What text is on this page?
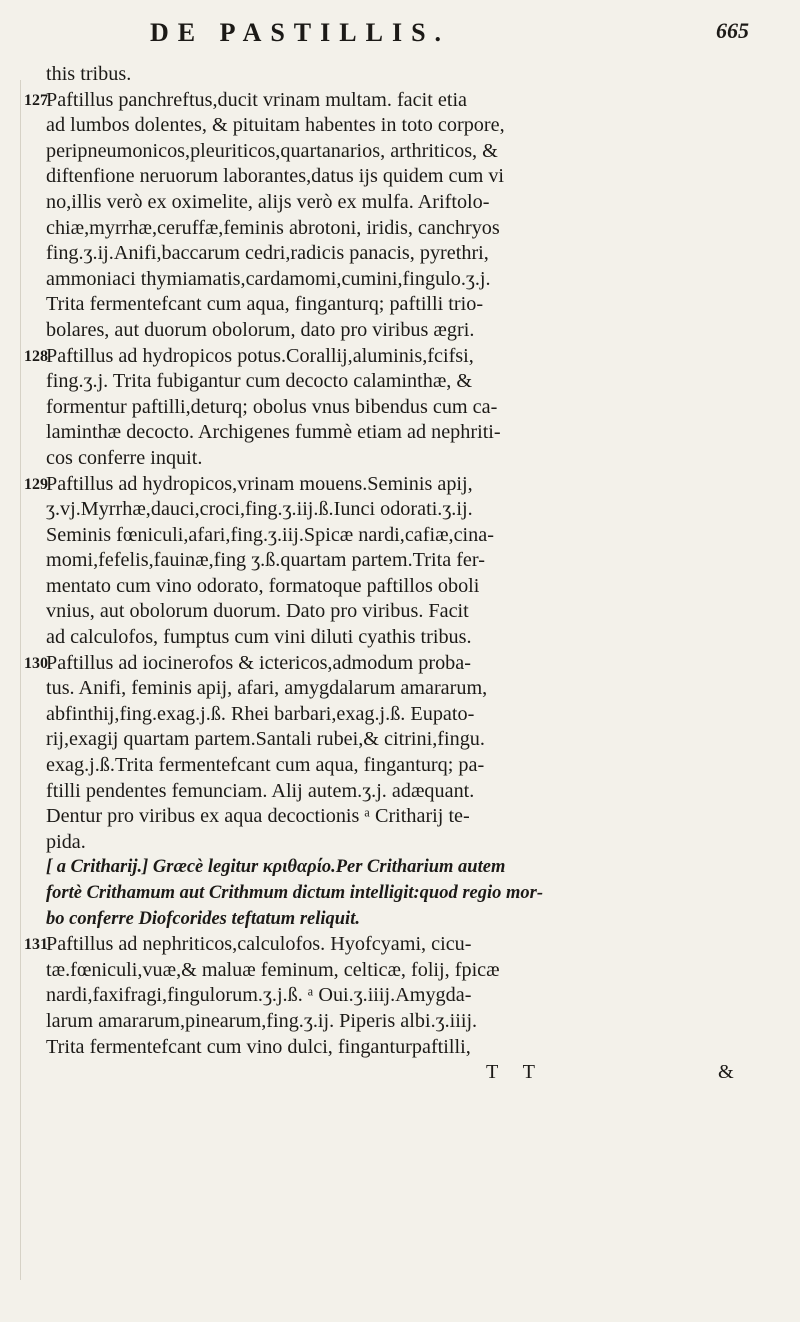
DE PASTILLIS.	665
this tribus.
127
Paftillus panchreftus,ducit vrinam multam. facit etia
ad lumbos dolentes, & pituitam habentes in toto corpore,
peripneumonicos,pleuriticos,quartanarios, arthriticos, &
diftenfione neruorum laborantes,datus ijs quidem cum vi
no,illis verò ex oximelite, alijs verò ex mulfa. Ariftolo-
chiæ,myrrhæ,ceruffæ,feminis abrotoni, iridis, canchryos
fing.ʒ.ij.Anifi,baccarum cedri,radicis panacis, pyrethri,
ammoniaci thymiamatis,cardamomi,cumini,fingulo.ʒ.j.
Trita fermentefcant cum aqua, finganturq; paftilli trio-
bolares, aut duorum obolorum, dato pro viribus ægri.
128
Paftillus ad hydropicos potus.Corallij,aluminis,fcifsi,
fing.ʒ.j. Trita fubigantur cum decocto calaminthæ, &
formentur paftilli,deturq; obolus vnus bibendus cum ca-
laminthæ decocto. Archigenes fummè etiam ad nephriti-
cos conferre inquit.
129
Paftillus ad hydropicos,vrinam mouens.Seminis apij,
ʒ.vj.Myrrhæ,dauci,croci,fing.ʒ.iij.ß.Iunci odorati.ʒ.ij.
Seminis fœniculi,afari,fing.ʒ.iij.Spicæ nardi,cafiæ,cina-
momi,fefelis,fauinæ,fing ʒ.ß.quartam partem.Trita fer-
mentato cum vino odorato, formatoque paftillos oboli
vnius, aut obolorum duorum. Dato pro viribus. Facit
ad calculofos, fumptus cum vini diluti cyathis tribus.
130
Paftillus ad iocinerofos & ictericos,admodum proba-
tus. Anifi, feminis apij, afari, amygdalarum amararum,
abfinthij,fing.exag.j.ß. Rhei barbari,exag.j.ß. Eupato-
rij,exagij quartam partem.Santali rubei,& citrini,fingu.
exag.j.ß.Trita fermentefcant cum aqua, finganturq; pa-
ftilli pendentes femunciam. Alij autem.ʒ.j. adæquant.
Dentur pro viribus ex aqua decoctionis ᵃ Critharij te-
pida.
[ a Critharij.] Græcè legitur κριθαρίο.Per Critharium autem
fortè Crithamum aut Crithmum dictum intelligit:quod regio mor-
bo conferre Diofcorides teftatum reliquit.
131
Paftillus ad nephriticos,calculofos. Hyofcyami, cicu-
tæ.fœniculi,vuæ,& maluæ feminum, celticæ, folij, fpicæ
nardi,faxifragi,fingulorum.ʒ.j.ß. ᵃ Oui.ʒ.iiij.Amygda-
larum amararum,pinearum,fing.ʒ.ij. Piperis albi.ʒ.iiij.
Trita fermentefcant cum vino dulci, finganturpaftilli,
T T	&
